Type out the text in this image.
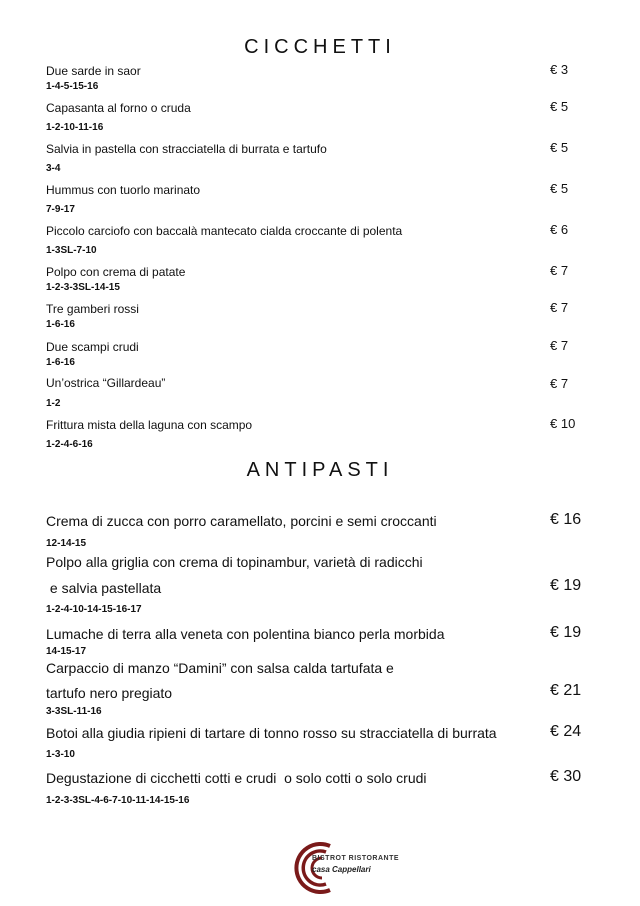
CICCHETTI
Due sarde in saor
1-4-5-15-16
€ 3
Capasanta al forno o cruda
1-2-10-11-16
€ 5
Salvia in pastella con stracciatella di burrata e tartufo
3-4
€ 5
Hummus con tuorlo marinato
7-9-17
€ 5
Piccolo carciofo con baccalà mantecato cialda croccante di polenta
1-3SL-7-10
€ 6
Polpo con crema di patate
1-2-3-3SL-14-15
€ 7
Tre gamberi rossi
1-6-16
€ 7
Due scampi crudi
1-6-16
€ 7
Un’ostrica “Gillardeau”
1-2
€ 7
Frittura mista della laguna con scampo
1-2-4-6-16
€ 10
ANTIPASTI
Crema di zucca con porro caramellato, porcini e semi croccanti
12-14-15
€ 16
Polpo alla griglia con crema di topinambur, varietà di radicchi
e salvia pastellata
1-2-4-10-14-15-16-17
€ 19
Lumache di terra alla veneta con polentina bianco perla morbida
14-15-17
€ 19
Carpaccio di manzo “Damini” con salsa calda tartufata e
tartufo nero pregiato
3-3SL-11-16
€ 21
Botoi alla giudia ripieni di tartare di tonno rosso su stracciatella di burrata
1-3-10
€ 24
Degustazione di cicchetti cotti e crudi  o solo cotti o solo crudi
1-2-3-3SL-4-6-7-10-11-14-15-16
€ 30
BISTROT RISTORANTE
casa Cappellari
